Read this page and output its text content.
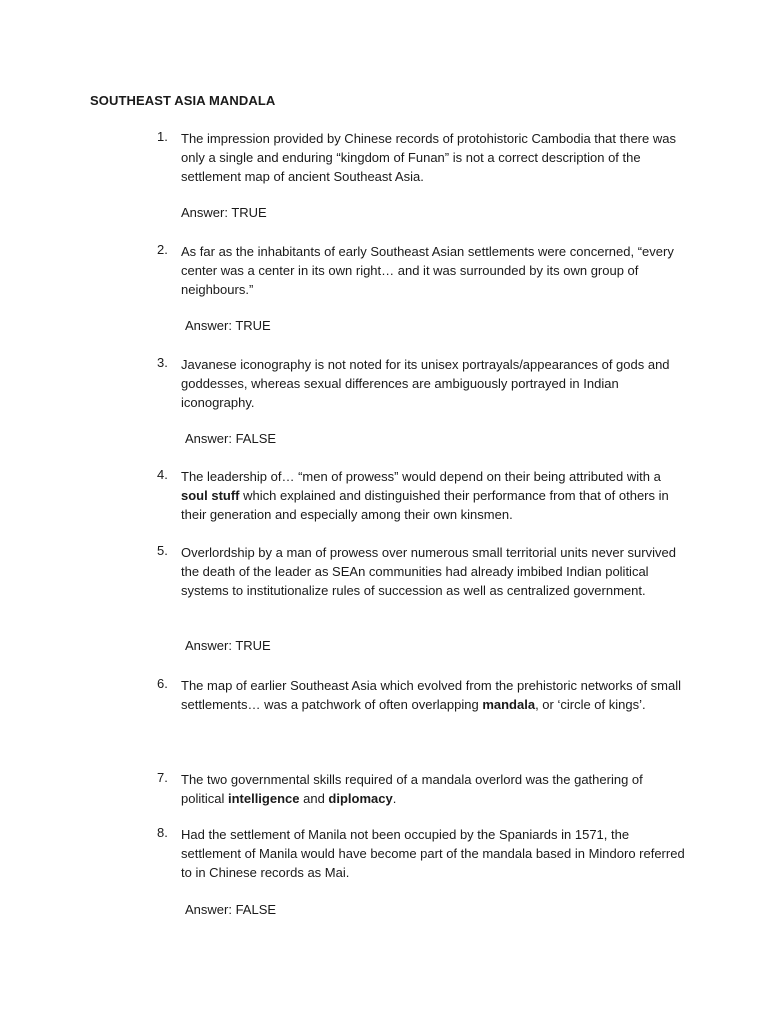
SOUTHEAST ASIA MANDALA
1. The impression provided by Chinese records of protohistoric Cambodia that there was only a single and enduring “kingdom of Funan” is not a correct description of the settlement map of ancient Southeast Asia.
Answer: TRUE
2. As far as the inhabitants of early Southeast Asian settlements were concerned, “every center was a center in its own right… and it was surrounded by its own group of neighbours.”
Answer: TRUE
3. Javanese iconography is not noted for its unisex portrayals/appearances of gods and goddesses, whereas sexual differences are ambiguously portrayed in Indian iconography.
Answer: FALSE
4. The leadership of… “men of prowess” would depend on their being attributed with a soul stuff which explained and distinguished their performance from that of others in their generation and especially among their own kinsmen.
5. Overlordship by a man of prowess over numerous small territorial units never survived the death of the leader as SEAn communities had already imbibed Indian political systems to institutionalize rules of succession as well as centralized government.
Answer: TRUE
6. The map of earlier Southeast Asia which evolved from the prehistoric networks of small settlements… was a patchwork of often overlapping mandala, or ‘circle of kings’.
7. The two governmental skills required of a mandala overlord was the gathering of political intelligence and diplomacy.
8. Had the settlement of Manila not been occupied by the Spaniards in 1571, the settlement of Manila would have become part of the mandala based in Mindoro referred to in Chinese records as Mai.
Answer: FALSE
